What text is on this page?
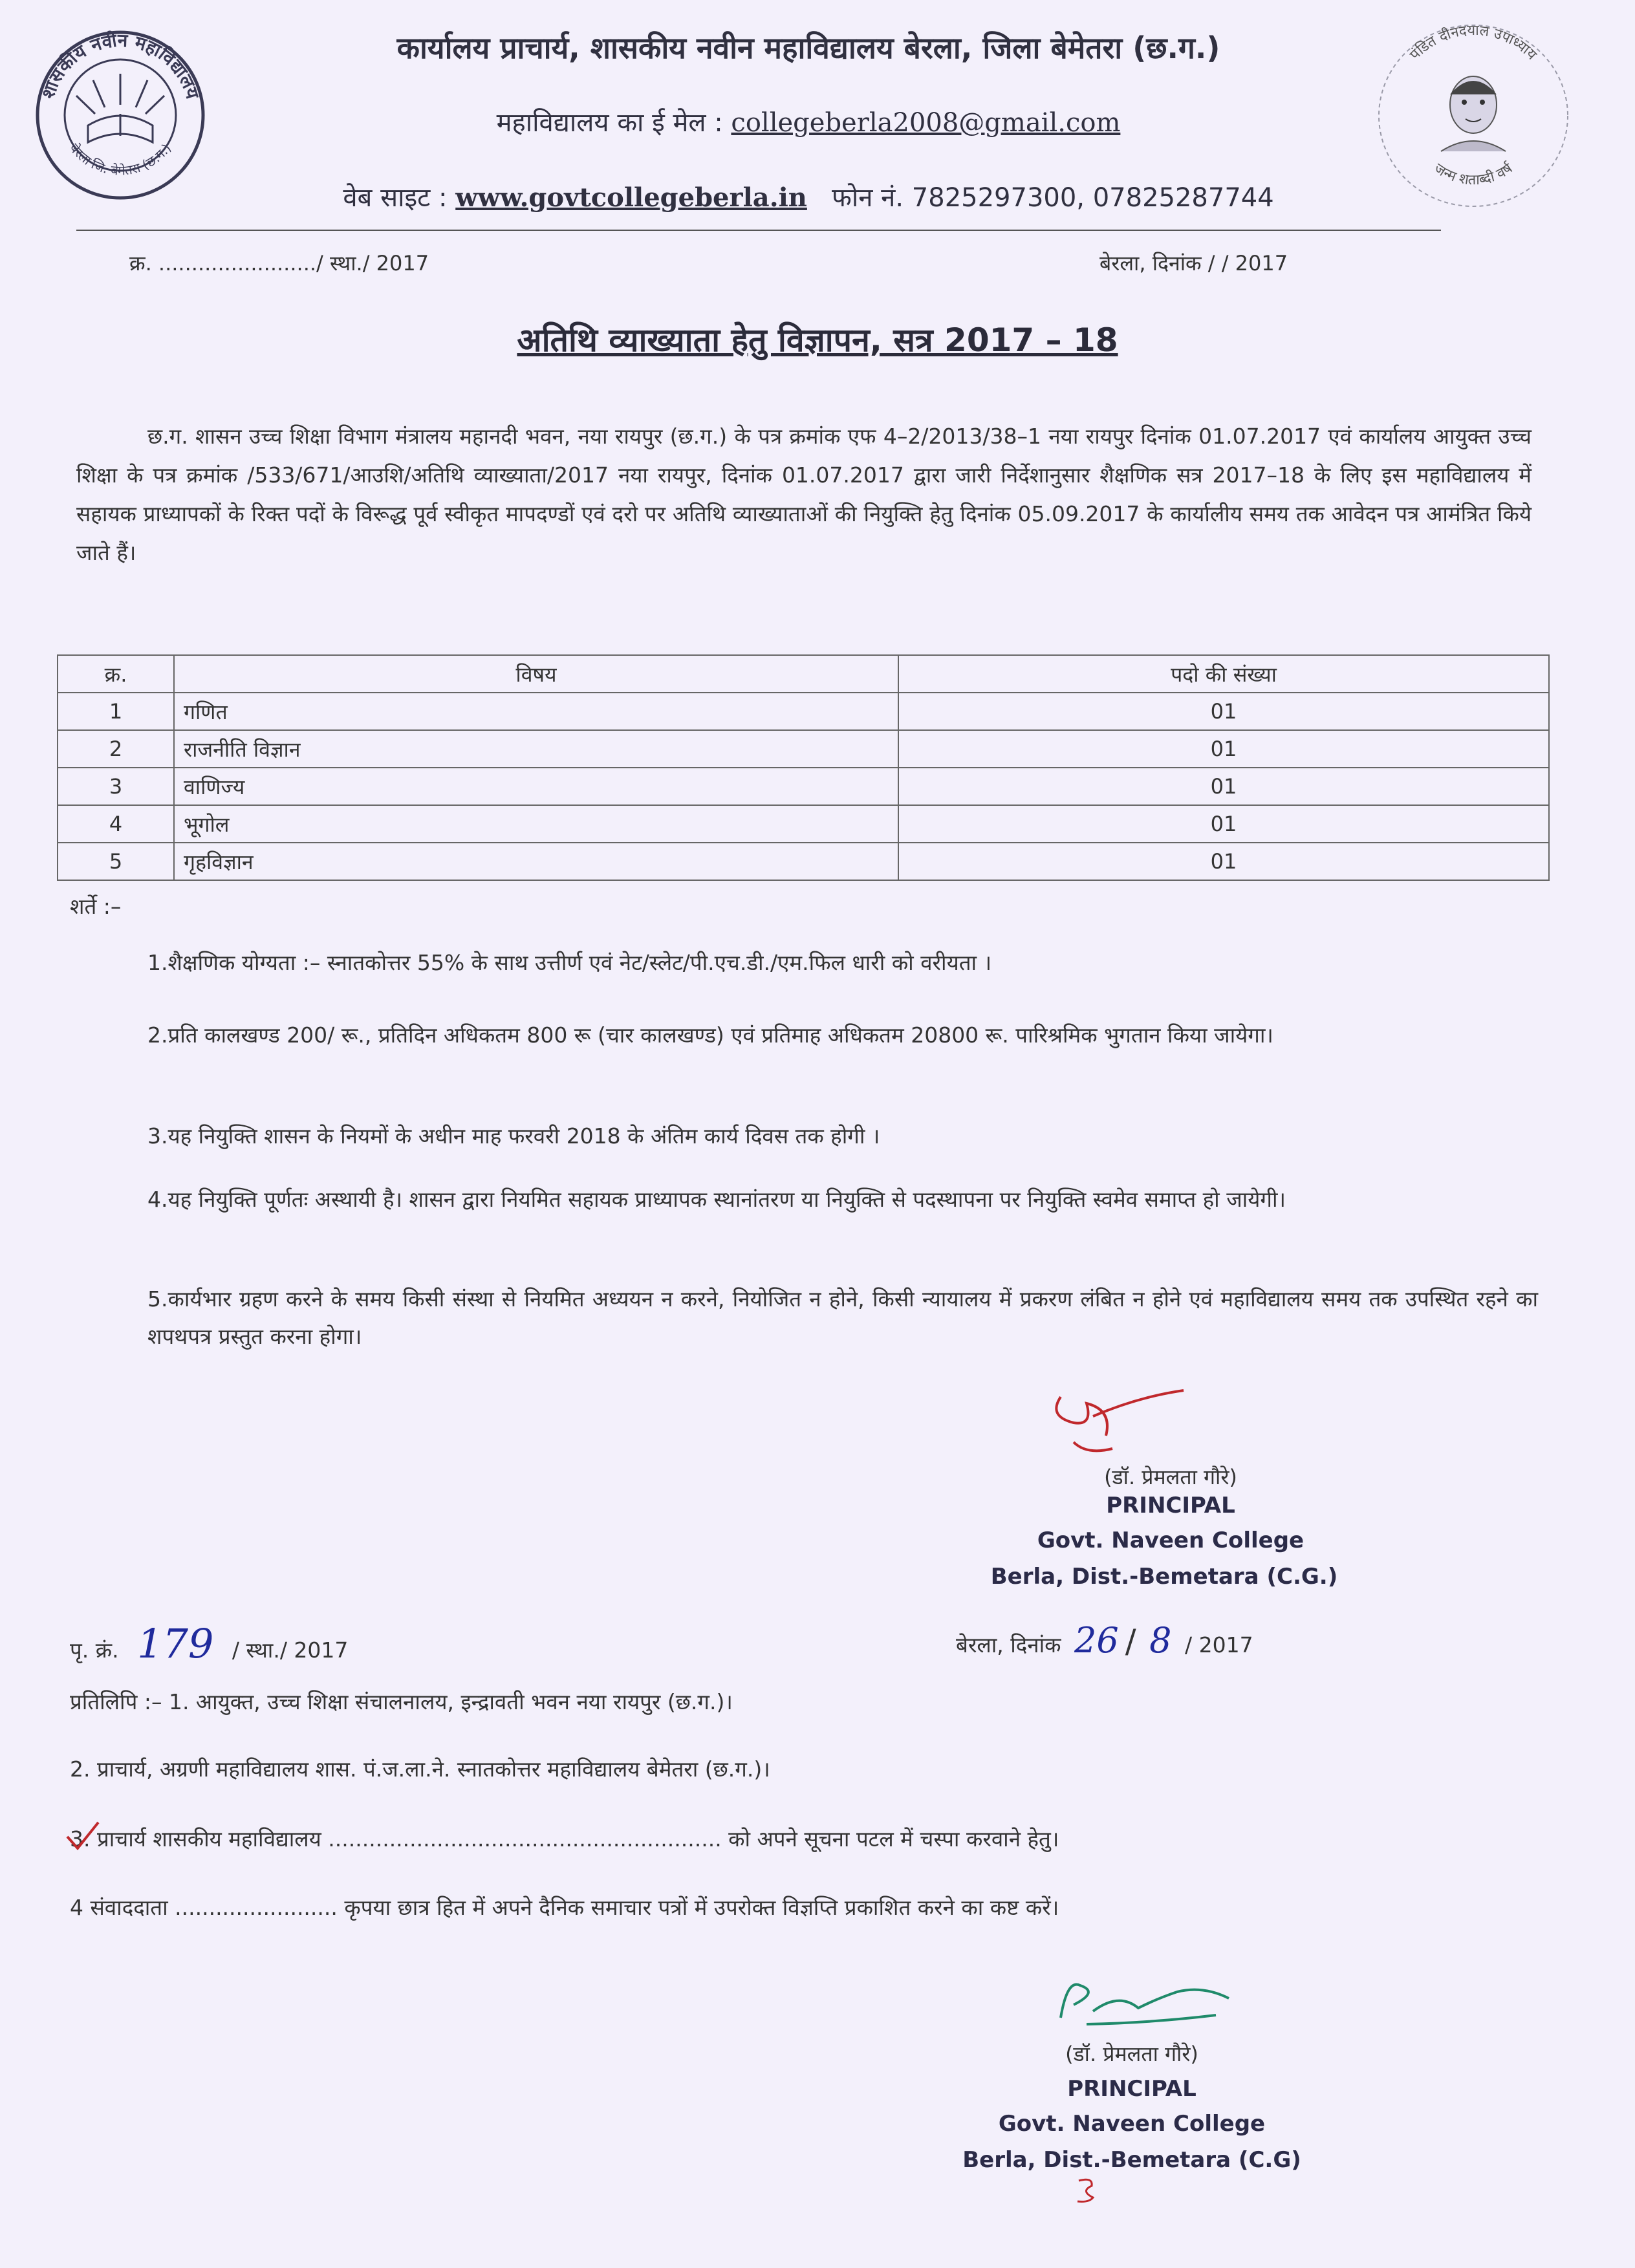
शासकीय नवीन महाविद्यालय
बेरला जि. बेमेतरा (छ.ग.)
पंडित दीनदयाल उपाध्याय
जन्म शताब्दी वर्ष
कार्यालय प्राचार्य, शासकीय नवीन महाविद्यालय बेरला, जिला बेमेतरा (छ.ग.)
महाविद्यालय का ई मेल : collegeberla2008@gmail.com
वेब साइट : www.govtcollegeberla.in फोन नं. 7825297300, 07825287744
क्र. ......................../ स्था./ 2017	बेरला, दिनांक / / 2017
अतिथि व्याख्याता हेतु विज्ञापन, सत्र 2017 – 18
छ.ग. शासन उच्च शिक्षा विभाग मंत्रालय महानदी भवन, नया रायपुर (छ.ग.) के पत्र क्रमांक एफ 4–2/2013/38–1 नया रायपुर दिनांक 01.07.2017 एवं कार्यालय आयुक्त उच्च शिक्षा के पत्र क्रमांक /533/671/आउशि/अतिथि व्याख्याता/2017 नया रायपुर, दिनांक 01.07.2017 द्वारा जारी निर्देशानुसार शैक्षणिक सत्र 2017–18 के लिए इस महाविद्यालय में सहायक प्राध्यापकों के रिक्त पदों के विरूद्ध पूर्व स्वीकृत मापदण्डों एवं दरो पर अतिथि व्याख्याताओं की नियुक्ति हेतु दिनांक 05.09.2017 के कार्यालीय समय तक आवेदन पत्र आमंत्रित किये जाते हैं।
क्र.	विषय	पदो की संख्या
1	गणित	01
2	राजनीति विज्ञान	01
3	वाणिज्य	01
4	भूगोल	01
5	गृहविज्ञान	01
शर्ते :–
1.शैक्षणिक योग्यता :– स्नातकोत्तर 55% के साथ उत्तीर्ण एवं नेट/स्लेट/पी.एच.डी./एम.फिल धारी को वरीयता ।
2.प्रति कालखण्ड 200/ रू., प्रतिदिन अधिकतम 800 रू (चार कालखण्ड) एवं प्रतिमाह अधिकतम 20800 रू. पारिश्रमिक भुगतान किया जायेगा।
3.यह नियुक्ति शासन के नियमों के अधीन माह फरवरी 2018 के अंतिम कार्य दिवस तक होगी ।
4.यह नियुक्ति पूर्णतः अस्थायी है। शासन द्वारा नियमित सहायक प्राध्यापक स्थानांतरण या नियुक्ति से पदस्थापना पर नियुक्ति स्वमेव समाप्त हो जायेगी।
5.कार्यभार ग्रहण करने के समय किसी संस्था से नियमित अध्ययन न करने, नियोजित न होने, किसी न्यायालय में प्रकरण लंबित न होने एवं महाविद्यालय समय तक उपस्थित रहने का शपथपत्र प्रस्तुत करना होगा।
(डॉ. प्रेमलता गौरे)
PRINCIPAL
Govt. Naveen College
Berla, Dist.-Bemetara (C.G.)
पृ. क्रं. 179 / स्था./ 2017	बेरला, दिनांक 26 / 8 / 2017
प्रतिलिपि :– 1. आयुक्त, उच्च शिक्षा संचालनालय, इन्द्रावती भवन नया रायपुर (छ.ग.)।
2. प्राचार्य, अग्रणी महाविद्यालय शास. पं.ज.ला.ने. स्नातकोत्तर महाविद्यालय बेमेतरा (छ.ग.)।
3. प्राचार्य शासकीय महाविद्यालय .......................................................... को अपने सूचना पटल में चस्पा करवाने हेतु।
4 संवाददाता ........................ कृपया छात्र हित में अपने दैनिक समाचार पत्रों में उपरोक्त विज्ञप्ति प्रकाशित करने का कष्ट करें।
(डॉ. प्रेमलता गौरे)
PRINCIPAL
Govt. Naveen College
Berla, Dist.-Bemetara (C.G)
